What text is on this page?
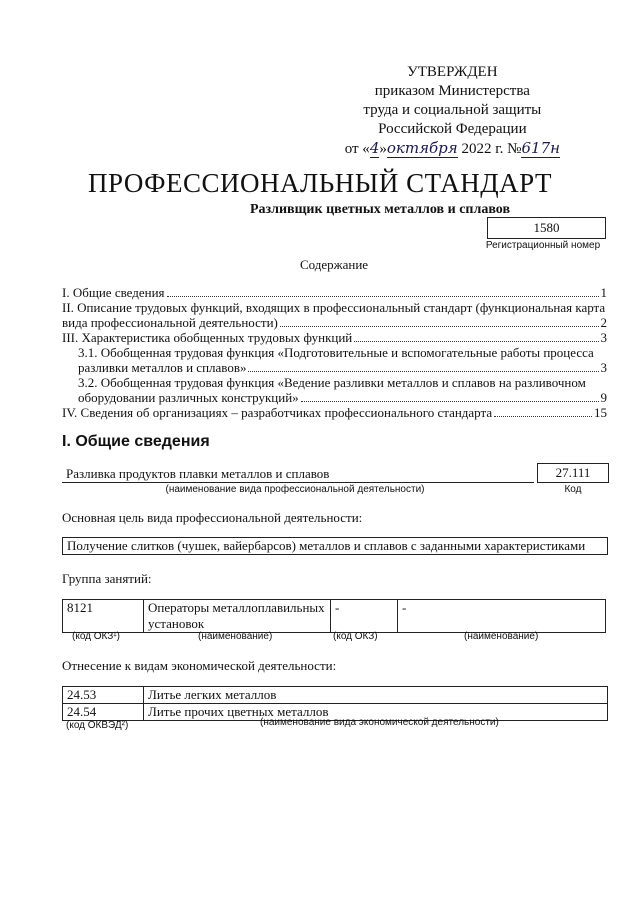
УТВЕРЖДЕН
приказом Министерства
труда и социальной защиты
Российской Федерации
от «4»октября 2022 г. №617н
ПРОФЕССИОНАЛЬНЫЙ СТАНДАРТ
Разливщик цветных металлов и сплавов
1580
Регистрационный номер
Содержание
I. Общие сведения	1
II. Описание трудовых функций, входящих в профессиональный стандарт (функциональная карта
вида профессиональной деятельности)	2
III. Характеристика обобщенных трудовых функций	3
3.1. Обобщенная трудовая функция «Подготовительные и вспомогательные работы процесса
разливки металлов и сплавов»	3
3.2. Обобщенная трудовая функция «Ведение разливки металлов и сплавов на разливочном
оборудовании различных конструкций»	9
IV. Сведения об организациях – разработчиках профессионального стандарта	15
I. Общие сведения
Разливка продуктов плавки металлов и сплавов
(наименование вида профессиональной деятельности)
27.111
Код
Основная цель вида профессиональной деятельности:
Получение слитков (чушек, вайербарсов) металлов и сплавов с заданными характеристиками
Группа занятий:
8121	Операторы металлоплавильных установок	-	-
(код ОКЗ¹)	(наименование)	(код ОКЗ)	(наименование)
Отнесение к видам экономической деятельности:
24.53	Литье легких металлов
24.54	Литье прочих цветных металлов
(код ОКВЭД²)	(наименование вида экономической деятельности)
